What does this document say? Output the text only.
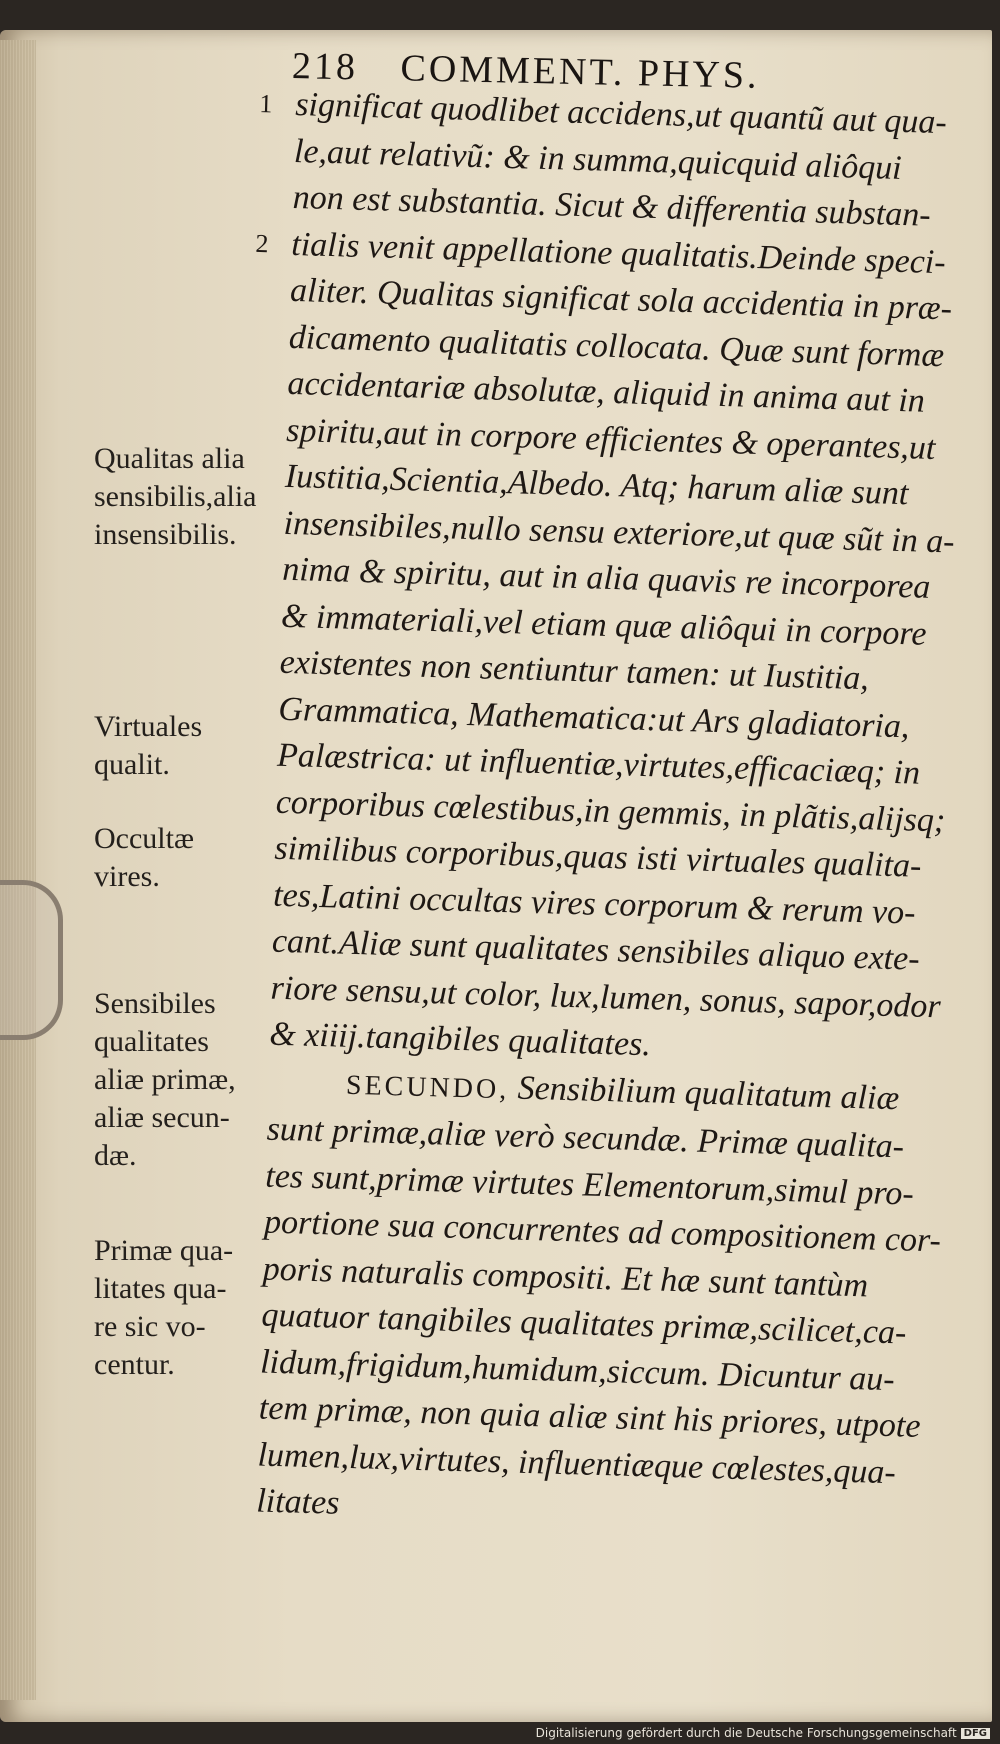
218 COMMENT. PHYS.
1 significat quodlibet accidens,ut quantũ aut qua-
le,aut relativũ: & in summa,quicquid aliôqui
non est substantia. Sicut & differentia substan-
2 tialis venit appellatione qualitatis.Deinde speci-
aliter. Qualitas significat sola accidentia in præ-
dicamento qualitatis collocata. Quæ sunt formæ
accidentariæ absolutæ, aliquid in anima aut in
spiritu,aut in corpore efficientes & operantes,ut
Iustitia,Scientia,Albedo. Atq; harum aliæ sunt
insensibiles,nullo sensu exteriore,ut quæ sũt in a-
nima & spiritu, aut in alia quavis re incorporea
& immateriali,vel etiam quæ aliôqui in corpore
existentes non sentiuntur tamen: ut Iustitia,
Grammatica, Mathematica:ut Ars gladiatoria,
Palæstrica: ut influentiæ,virtutes,efficaciæq; in
corporibus cœlestibus,in gemmis, in plãtis,alijsq;
similibus corporibus,quas isti virtuales qualita-
tes,Latini occultas vires corporum & rerum vo-
cant.Aliæ sunt qualitates sensibiles aliquo exte-
riore sensu,ut color, lux,lumen, sonus, sapor,odor
& xiiij.tangibiles qualitates.
SECUNDO, Sensibilium qualitatum aliæ
sunt primæ,aliæ verò secundæ. Primæ qualita-
tes sunt,primæ virtutes Elementorum,simul pro-
portione sua concurrentes ad compositionem cor-
poris naturalis compositi. Et hæ sunt tantùm
quatuor tangibiles qualitates primæ,scilicet,ca-
lidum,frigidum,humidum,siccum. Dicuntur au-
tem primæ, non quia aliæ sint his priores, utpote
lumen,lux,virtutes, influentiæque cœlestes,qua-
litates
Qualitas alia
sensibilis,alia
insensibilis.
Virtuales
qualit.
Occultæ
vires.
Sensibiles
qualitates
aliæ primæ,
aliæ secun-
dæ.
Primæ qua-
litates qua-
re sic vo-
centur.
Digitalisierung gefördert durch die Deutsche Forschungsgemeinschaft DFG
